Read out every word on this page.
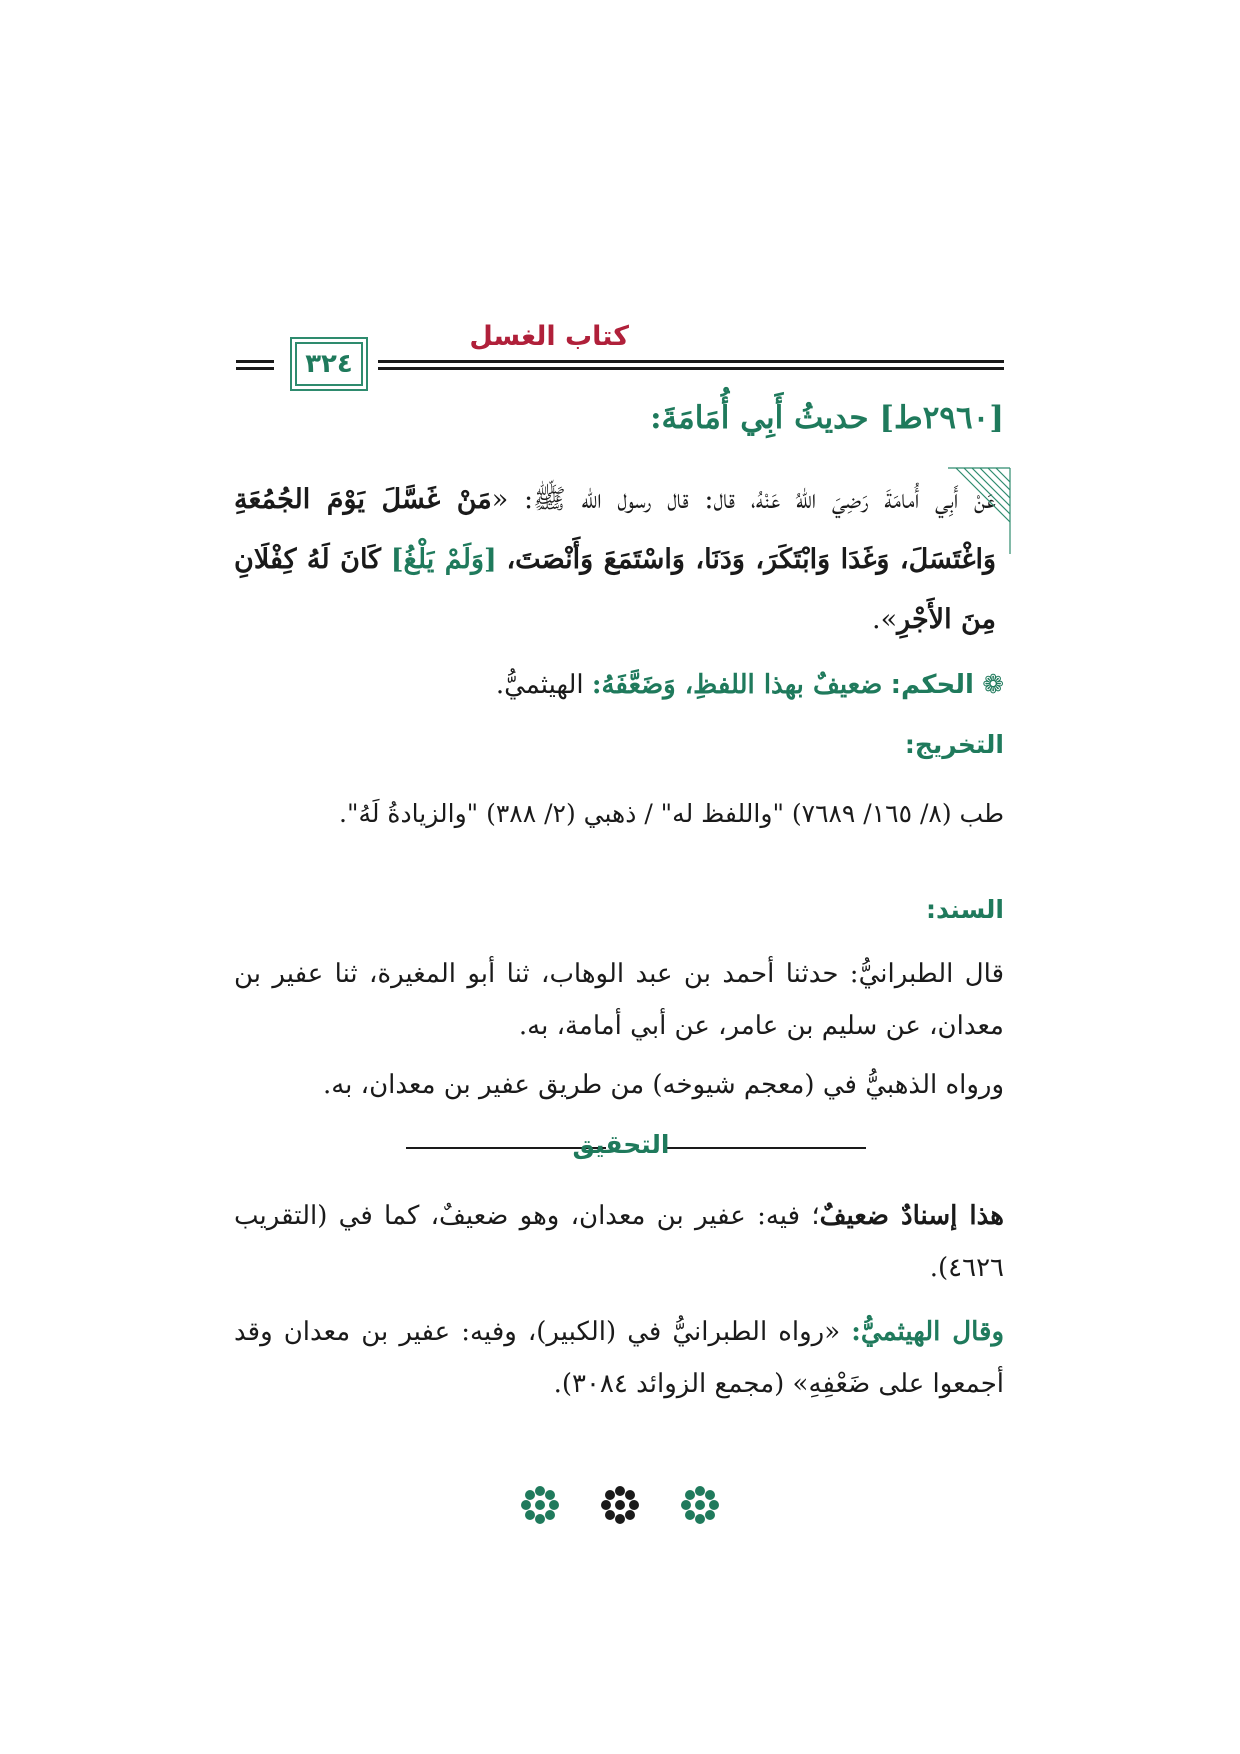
٣٢٤
كتاب الغسل
[٢٩٦٠ط] حديثُ أَبِي أُمَامَةَ:
عَنْ أَبِي أُمامَةَ رَضِيَ اللهُ عَنْهُ، قال: قال رسول الله ﷺ: «مَنْ غَسَّلَ يَوْمَ الجُمُعَةِ وَاغْتَسَلَ، وَغَدَا وَابْتَكَرَ، وَدَنَا، وَاسْتَمَعَ وَأَنْصَتَ، [وَلَمْ يَلْغُ] كَانَ لَهُ كِفْلَانِ مِنَ الأَجْرِ».
❁ الحكم: ضعيفٌ بهذا اللفظِ، وَضَعَّفَهُ: الهيثميُّ.
التخريج:
طب (٨/ ١٦٥/ ٧٦٨٩) "واللفظ له" / ذهبي (٢/ ٣٨٨) "والزيادةُ لَهُ".
السند:
قال الطبرانيُّ: حدثنا أحمد بن عبد الوهاب، ثنا أبو المغيرة، ثنا عفير بن معدان، عن سليم بن عامر، عن أبي أمامة، به.
ورواه الذهبيُّ في (معجم شيوخه) من طريق عفير بن معدان، به.
التحقيق
هذا إسنادٌ ضعيفٌ؛ فيه: عفير بن معدان، وهو ضعيفٌ، كما في (التقريب ٤٦٢٦).
وقال الهيثميُّ: «رواه الطبرانيُّ في (الكبير)، وفيه: عفير بن معدان وقد أجمعوا على ضَعْفِهِ» (مجمع الزوائد ٣٠٨٤).
